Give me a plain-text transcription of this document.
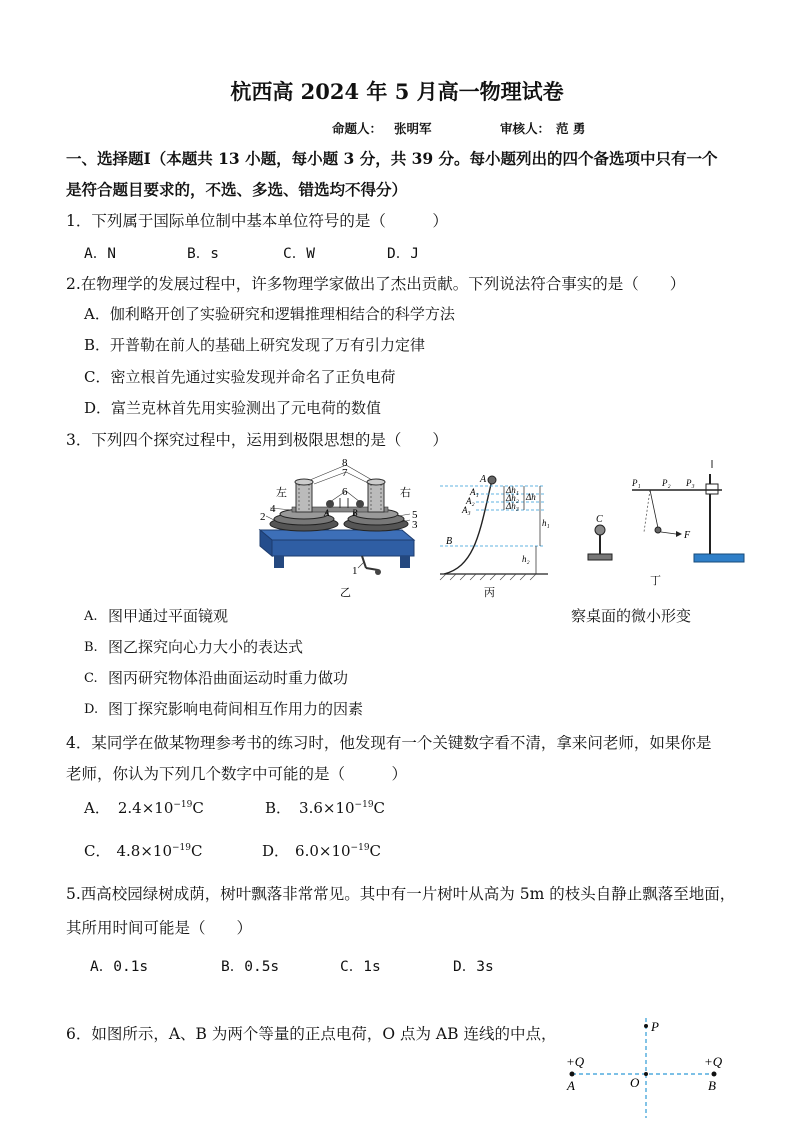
杭西高 2024 年 5 月高一物理试卷
命题人： 张明军	审核人： 范 勇
一、选择题Ⅰ（本题共 13 小题，每小题 3 分，共 39 分。每小题列出的四个备选项中只有一个
是符合题目要求的，不选、多选、错选均不得分）
1．下列属于国际单位制中基本单位符号的是（　　　）
A．N	B．s	C．W	D．J
2.在物理学的发展过程中，许多物理学家做出了杰出贡献。下列说法符合事实的是（　　）
A．伽利略开创了实验研究和逻辑推理相结合的科学方法
B．开普勒在前人的基础上研究发现了万有引力定律
C．密立根首先通过实验发现并命名了正负电荷
D．富兰克林首先用实验测出了元电荷的数值
3．下列四个探究过程中，运用到极限思想的是（　　）
8
7
6
左	右
4
2	5
3
1
A	B
乙
A
A₁
A₂
A₃
B
Δh₁
Δh₂
Δh₃
Δh
h₁
h₂
丙
C
P₁ P₂ P₃
F
丁
A. 图甲通过平面镜观	察桌面的微小形变
B. 图乙探究向心力大小的表达式
C. 图丙研究物体沿曲面运动时重力做功
D. 图丁探究影响电荷间相互作用力的因素
4．某同学在做某物理参考书的练习时，他发现有一个关键数字看不清，拿来问老师，如果你是
老师，你认为下列几个数字中可能的是（　　　）
A． $2.4\times 10^{-19}C$	B． $3.6\times 10^{-19}C$
C． $4.8\times 10^{-19}C$	D． $6.0\times 10^{-19}C$
5.西高校园绿树成荫，树叶飘落非常常见。其中有一片树叶从高为 5m 的枝头自静止飘落至地面，
其所用时间可能是（　　）
A．0.1s	B．0.5s	C．1s	D．3s
6．如图所示，A、B 为两个等量的正点电荷，O 点为 AB 连线的中点，	P
+Q	+Q
A	O	B
